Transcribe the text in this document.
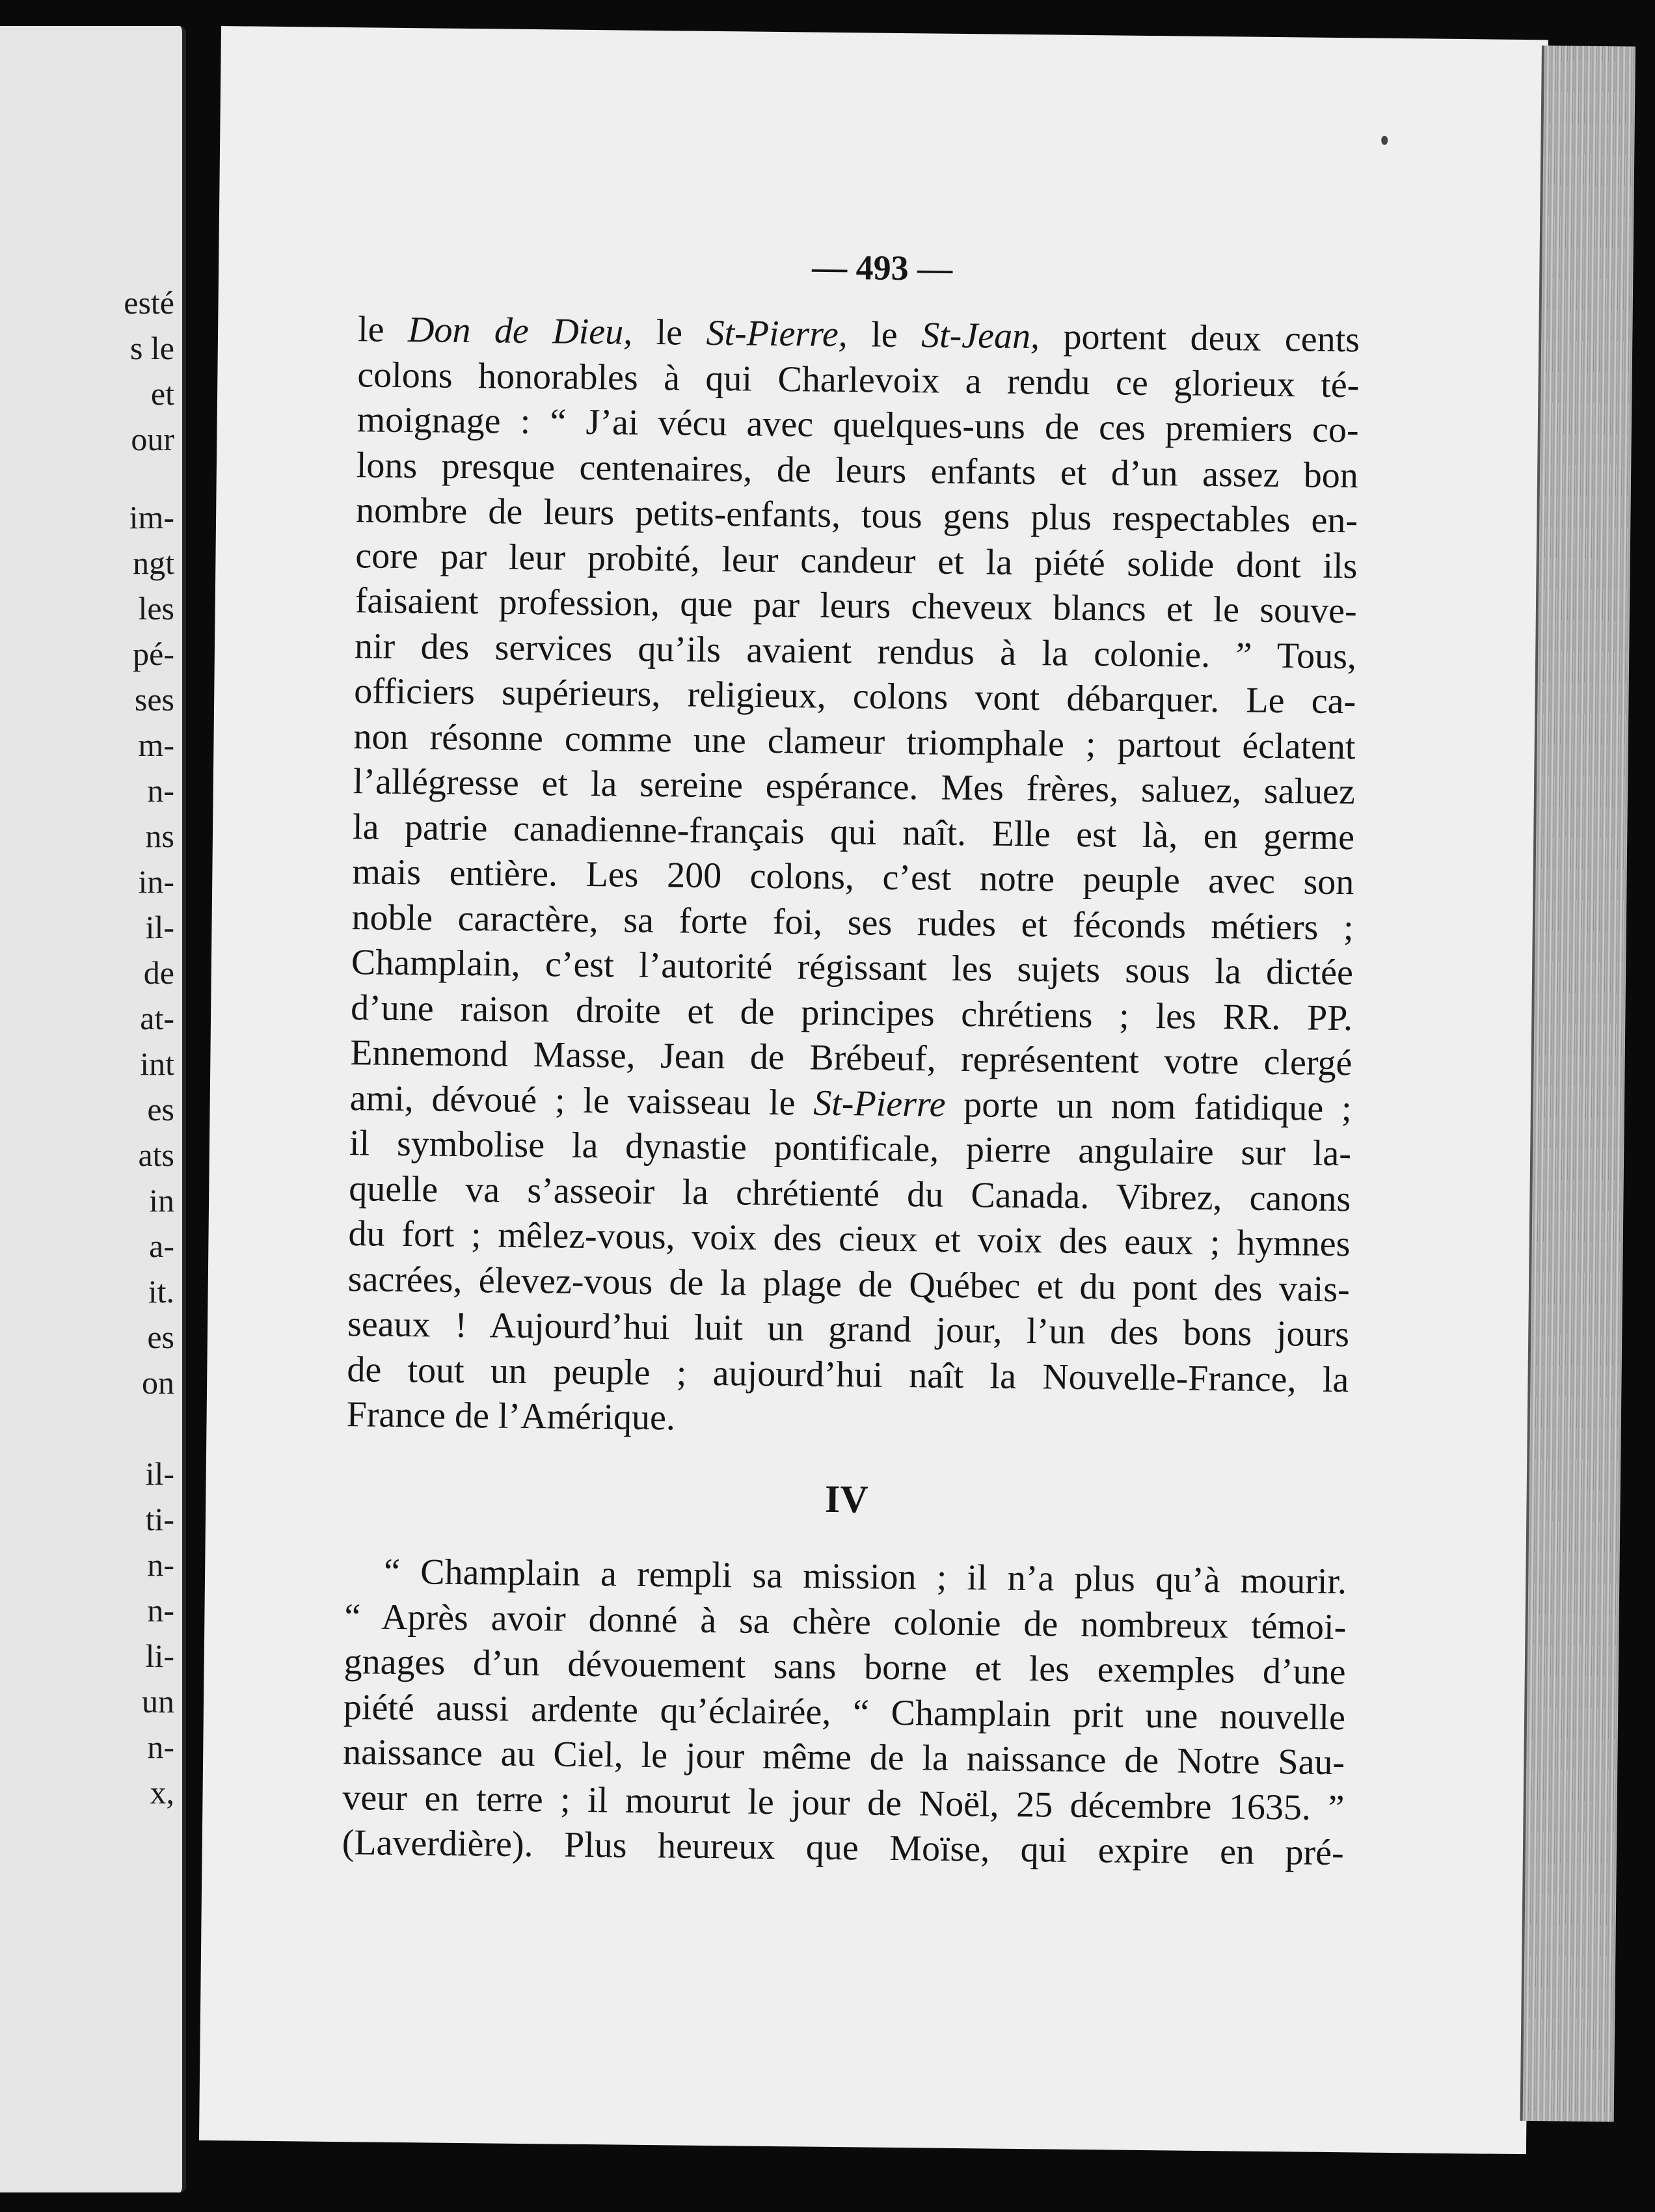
esté
s le
et
our
im-
ngt
les
pé-
ses
m-
n-
ns
in-
il-
de
at-
int
es
ats
in
a-
it.
es
on
il-
ti-
n-
n-
li-
un
n-
x,
— 493 —
le Don de Dieu, le St-Pierre, le St-Jean, portent deux cents
colons honorables à qui Charlevoix a rendu ce glorieux té-
moignage : “ J’ai vécu avec quelques-uns de ces premiers co-
lons presque centenaires, de leurs enfants et d’un assez bon
nombre de leurs petits-enfants, tous gens plus respectables en-
core par leur probité, leur candeur et la piété solide dont ils
faisaient profession, que par leurs cheveux blancs et le souve-
nir des services qu’ils avaient rendus à la colonie. ” Tous,
officiers supérieurs, religieux, colons vont débarquer. Le ca-
non résonne comme une clameur triomphale ; partout éclatent
l’allégresse et la sereine espérance. Mes frères, saluez, saluez
la patrie canadienne-français qui naît. Elle est là, en germe
mais entière. Les 200 colons, c’est notre peuple avec son
noble caractère, sa forte foi, ses rudes et féconds métiers ;
Champlain, c’est l’autorité régissant les sujets sous la dictée
d’une raison droite et de principes chrétiens ; les RR. PP.
Ennemond Masse, Jean de Brébeuf, représentent votre clergé
ami, dévoué ; le vaisseau le St-Pierre porte un nom fatidique ;
il symbolise la dynastie pontificale, pierre angulaire sur la-
quelle va s’asseoir la chrétienté du Canada. Vibrez, canons
du fort ; mêlez-vous, voix des cieux et voix des eaux ; hymnes
sacrées, élevez-vous de la plage de Québec et du pont des vais-
seaux ! Aujourd’hui luit un grand jour, l’un des bons jours
de tout un peuple ; aujourd’hui naît la Nouvelle-France, la
France de l’Amérique.
IV
“ Champlain a rempli sa mission ; il n’a plus qu’à mourir.
“ Après avoir donné à sa chère colonie de nombreux témoi-
gnages d’un dévouement sans borne et les exemples d’une
piété aussi ardente qu’éclairée, “ Champlain prit une nouvelle
naissance au Ciel, le jour même de la naissance de Notre Sau-
veur en terre ; il mourut le jour de Noël, 25 décembre 1635. ”
(Laverdière). Plus heureux que Moïse, qui expire en pré-
